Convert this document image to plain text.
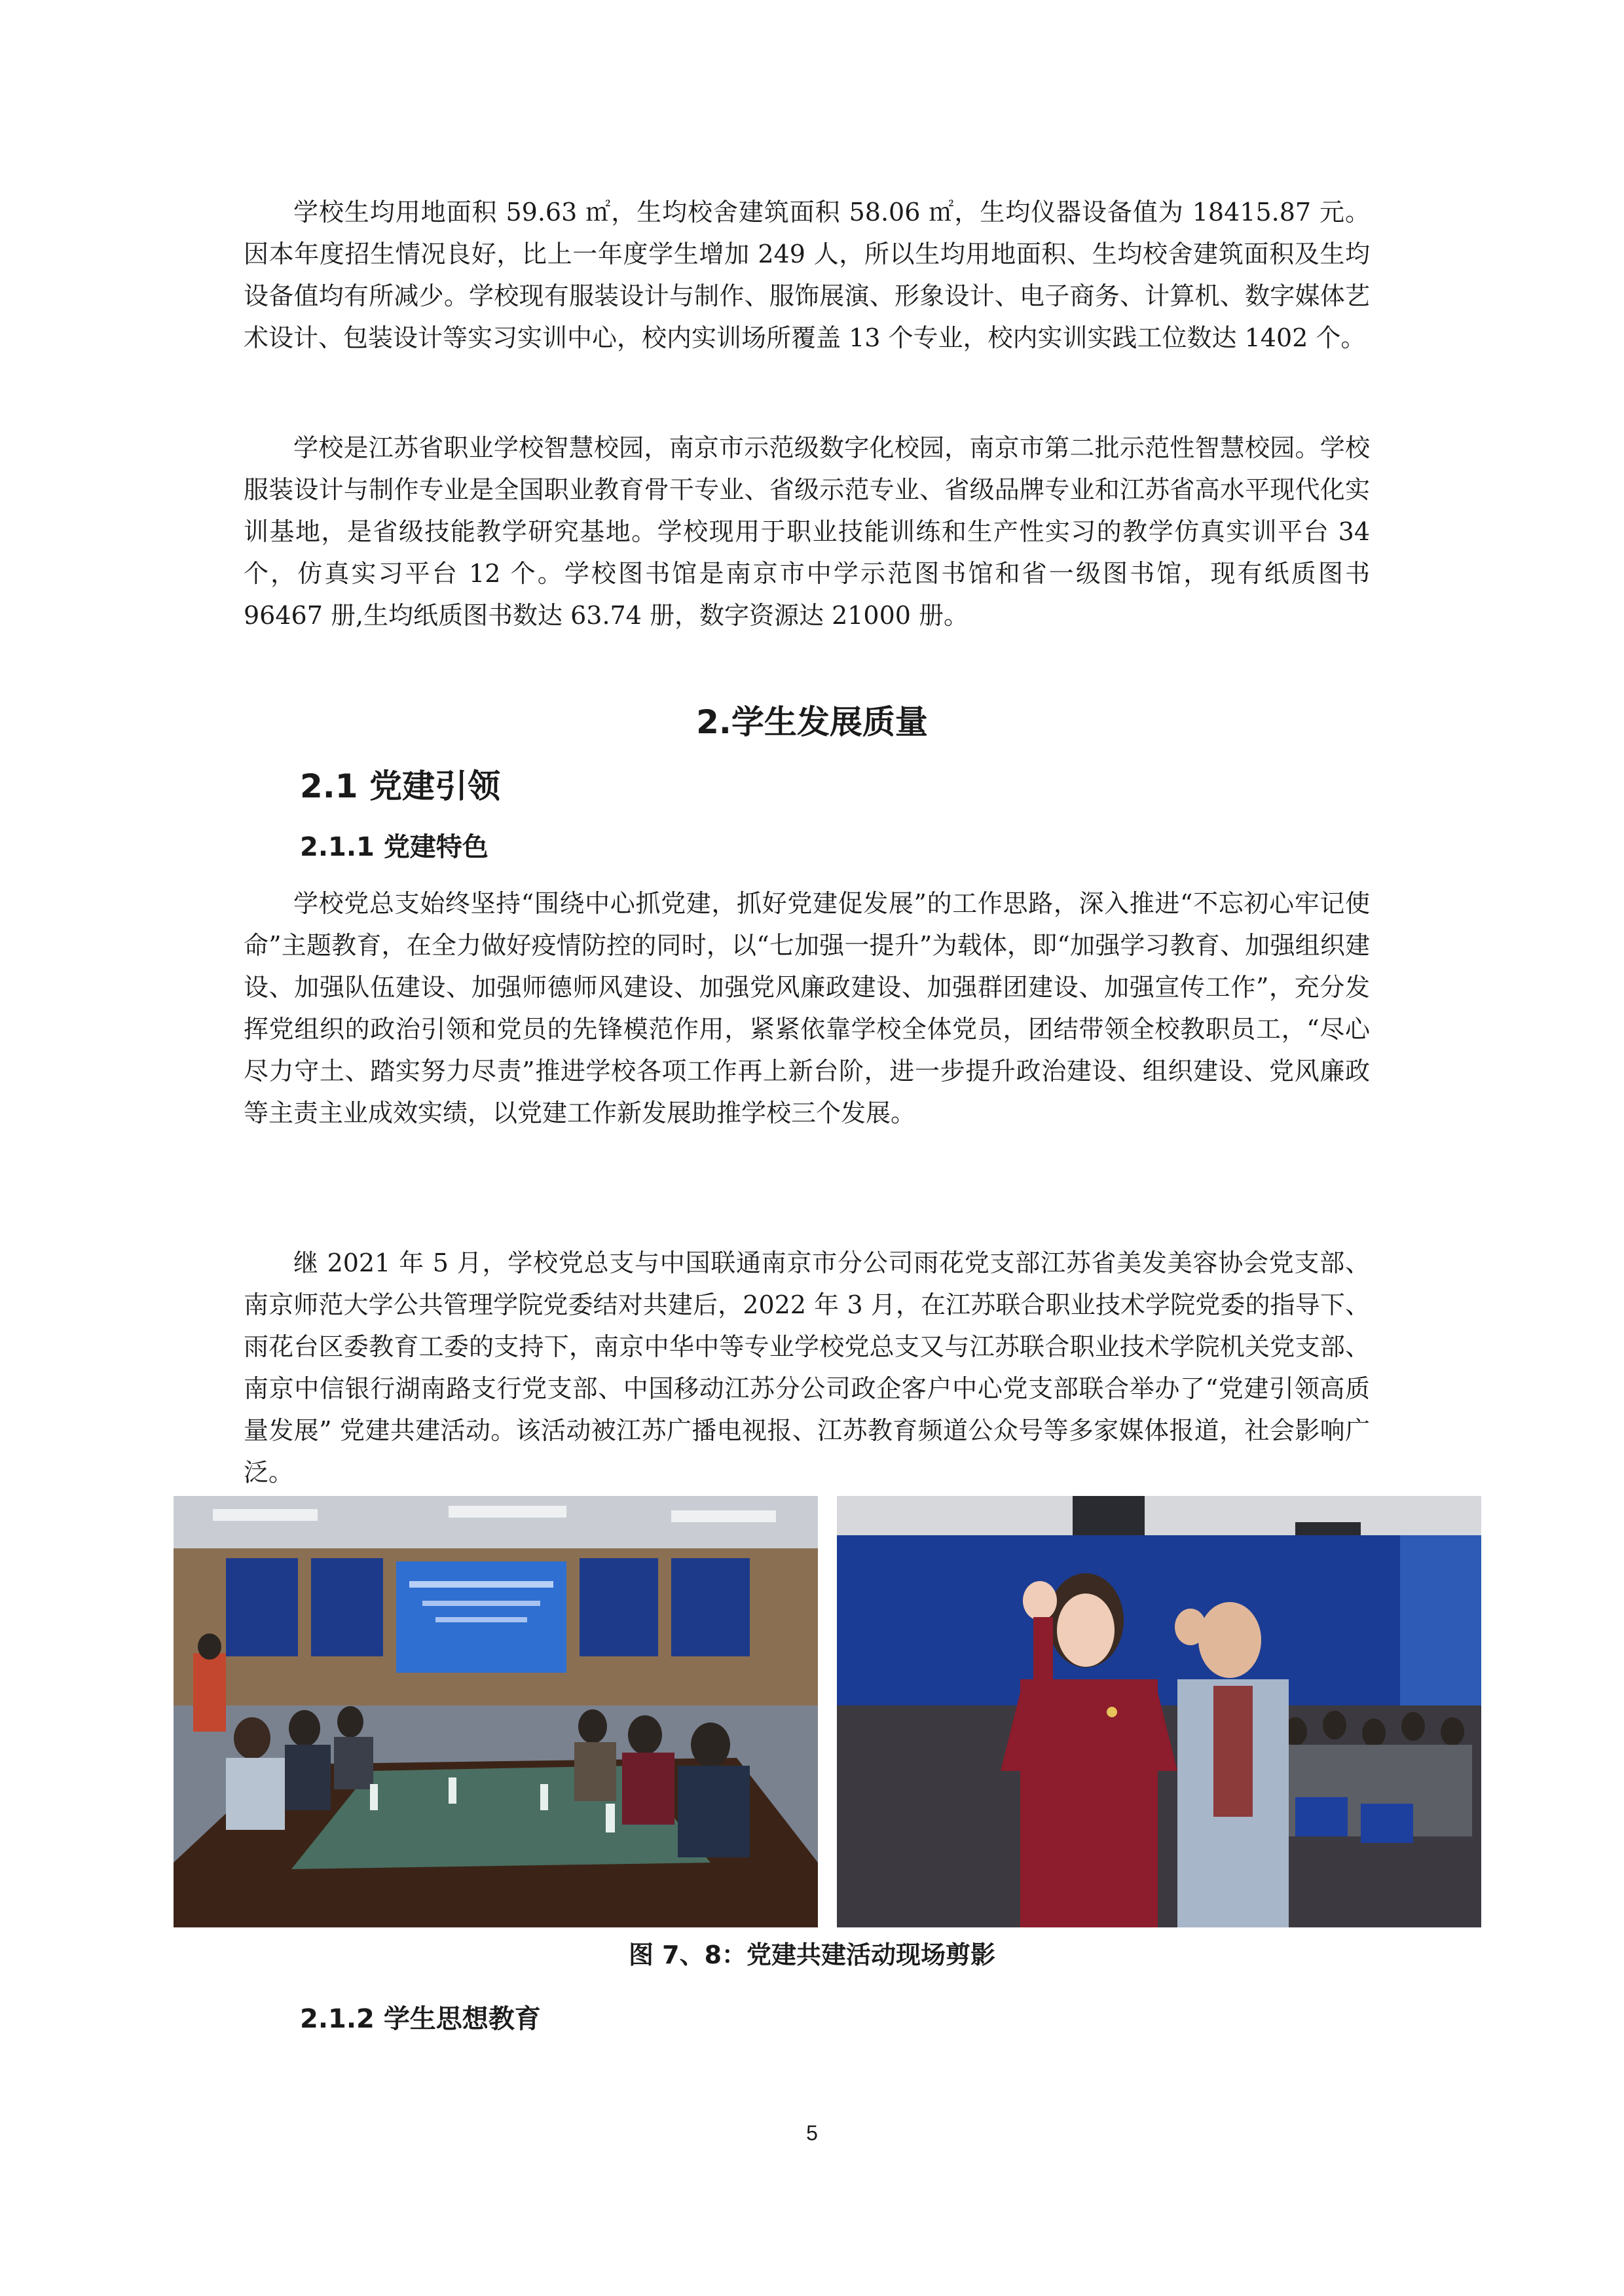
学校生均用地面积 59.63 ㎡，生均校舍建筑面积 58.06 ㎡，生均仪器设备值为 18415.87 元。因本年度招生情况良好，比上一年度学生增加 249 人，所以生均用地面积、生均校舍建筑面积及生均设备值均有所减少。学校现有服装设计与制作、服饰展演、形象设计、电子商务、计算机、数字媒体艺术设计、包装设计等实习实训中心，校内实训场所覆盖 13 个专业，校内实训实践工位数达 1402 个。

学校是江苏省职业学校智慧校园，南京市示范级数字化校园，南京市第二批示范性智慧校园。学校服装设计与制作专业是全国职业教育骨干专业、省级示范专业、省级品牌专业和江苏省高水平现代化实训基地，是省级技能教学研究基地。学校现用于职业技能训练和生产性实习的教学仿真实训平台 34 个，仿真实习平台 12 个。学校图书馆是南京市中学示范图书馆和省一级图书馆，现有纸质图书 96467 册,生均纸质图书数达 63.74 册，数字资源达 21000 册。

2.学生发展质量
2.1 党建引领
2.1.1 党建特色

学校党总支始终坚持“围绕中心抓党建，抓好党建促发展”的工作思路，深入推进“不忘初心牢记使命”主题教育，在全力做好疫情防控的同时，以“七加强一提升”为载体，即“加强学习教育、加强组织建设、加强队伍建设、加强师德师风建设、加强党风廉政建设、加强群团建设、加强宣传工作”，充分发挥党组织的政治引领和党员的先锋模范作用，紧紧依靠学校全体党员，团结带领全校教职员工，“尽心尽力守土、踏实努力尽责”推进学校各项工作再上新台阶，进一步提升政治建设、组织建设、党风廉政等主责主业成效实绩，以党建工作新发展助推学校三个发展。

继 2021 年 5 月，学校党总支与中国联通南京市分公司雨花党支部江苏省美发美容协会党支部、南京师范大学公共管理学院党委结对共建后，2022 年 3 月，在江苏联合职业技术学院党委的指导下、雨花台区委教育工委的支持下，南京中华中等专业学校党总支又与江苏联合职业技术学院机关党支部、南京中信银行湖南路支行党支部、中国移动江苏分公司政企客户中心党支部联合举办了“党建引领高质量发展” 党建共建活动。该活动被江苏广播电视报、江苏教育频道公众号等多家媒体报道，社会影响广泛。

图 7、8：党建共建活动现场剪影

2.1.2 学生思想教育

5
